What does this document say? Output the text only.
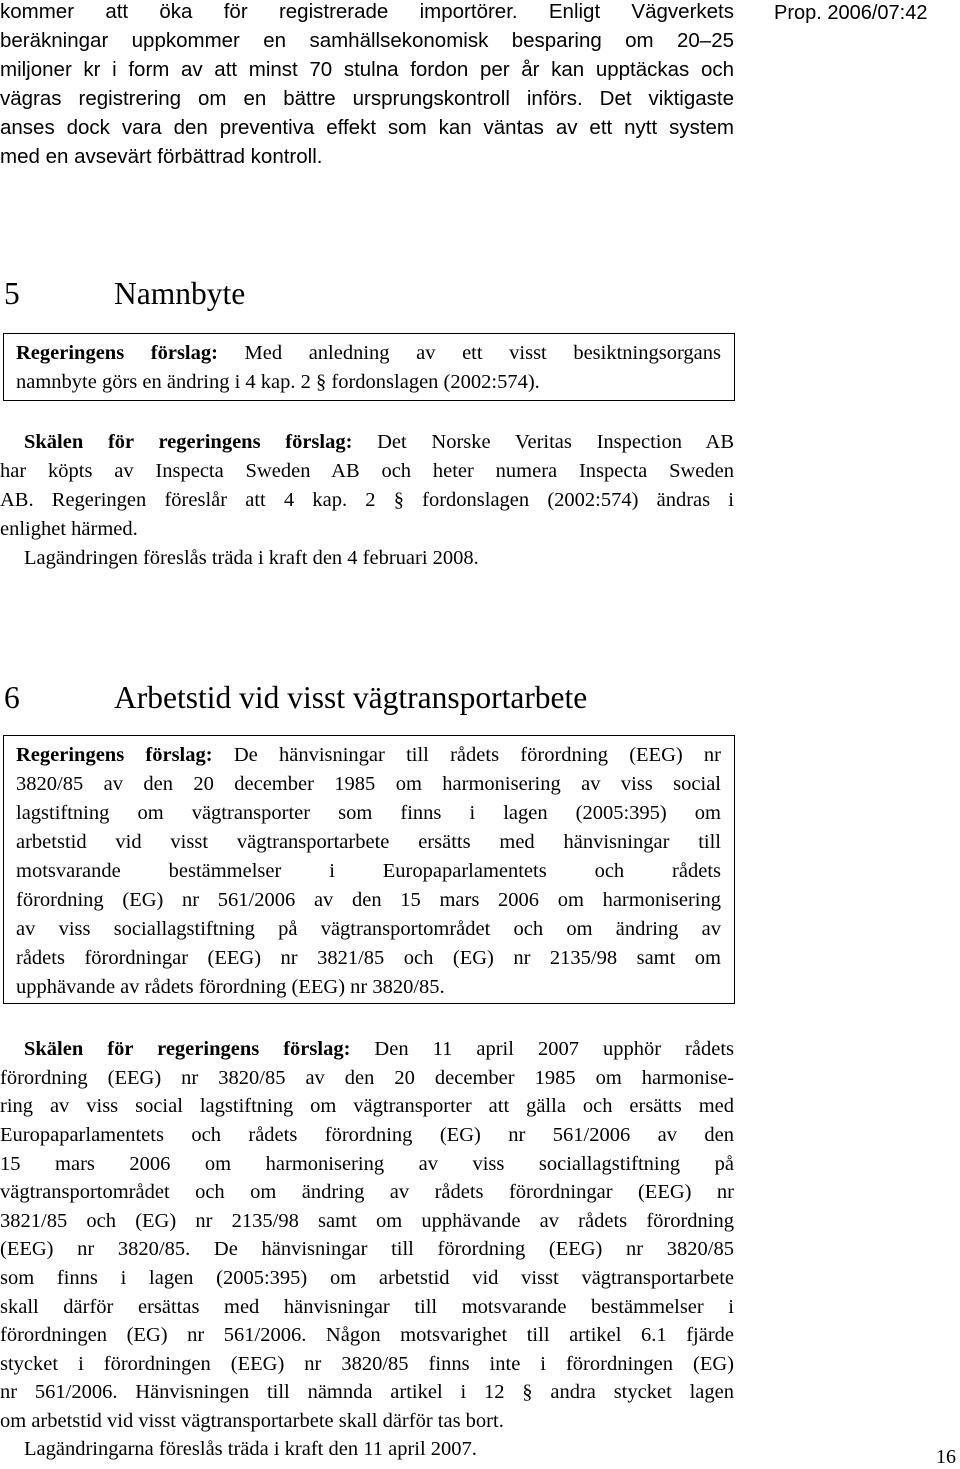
kommer att öka för registrerade importörer. Enligt Vägverkets

beräkningar uppkommer en samhällsekonomisk besparing om 20–25

miljoner kr i form av att minst 70 stulna fordon per år kan upptäckas och

vägras registrering om en bättre ursprungskontroll införs. Det viktigaste

anses dock vara den preventiva effekt som kan väntas av ett nytt system

med en avsevärt förbättrad kontroll.

Prop. 2006/07:42
5	Namnbyte

Regeringens förslag: Med anledning av ett visst besiktningsorgans

namnbyte görs en ändring i 4 kap. 2 § fordonslagen (2002:574).

Skälen för regeringens förslag: Det Norske Veritas Inspection AB

har köpts av Inspecta Sweden AB och heter numera Inspecta Sweden

AB. Regeringen föreslår att 4 kap. 2 § fordonslagen (2002:574) ändras i

enlighet härmed.

Lagändringen föreslås träda i kraft den 4 februari 2008.

6	Arbetstid vid visst vägtransportarbete

Regeringens förslag: De hänvisningar till rådets förordning (EEG) nr

3820/85 av den 20 december 1985 om harmonisering av viss social

lagstiftning om vägtransporter som finns i lagen (2005:395) om

arbetstid vid visst vägtransportarbete ersätts med hänvisningar till

motsvarande bestämmelser i Europaparlamentets och rådets

förordning (EG) nr 561/2006 av den 15 mars 2006 om harmonisering

av viss sociallagstiftning på vägtransportområdet och om ändring av

rådets förordningar (EEG) nr 3821/85 och (EG) nr 2135/98 samt om

upphävande av rådets förordning (EEG) nr 3820/85.

Skälen för regeringens förslag: Den 11 april 2007 upphör rådets

förordning (EEG) nr 3820/85 av den 20 december 1985 om harmonise-

ring av viss social lagstiftning om vägtransporter att gälla och ersätts med

Europaparlamentets och rådets förordning (EG) nr 561/2006 av den

15 mars 2006 om harmonisering av viss sociallagstiftning på

vägtransportområdet och om ändring av rådets förordningar (EEG) nr

3821/85 och (EG) nr 2135/98 samt om upphävande av rådets förordning

(EEG) nr 3820/85. De hänvisningar till förordning (EEG) nr 3820/85

som finns i lagen (2005:395) om arbetstid vid visst vägtransportarbete

skall därför ersättas med hänvisningar till motsvarande bestämmelser i

förordningen (EG) nr 561/2006. Någon motsvarighet till artikel 6.1 fjärde

stycket i förordningen (EEG) nr 3820/85 finns inte i förordningen (EG)

nr 561/2006. Hänvisningen till nämnda artikel i 12 § andra stycket lagen

om arbetstid vid visst vägtransportarbete skall därför tas bort.

Lagändringarna föreslås träda i kraft den 11 april 2007.	16
